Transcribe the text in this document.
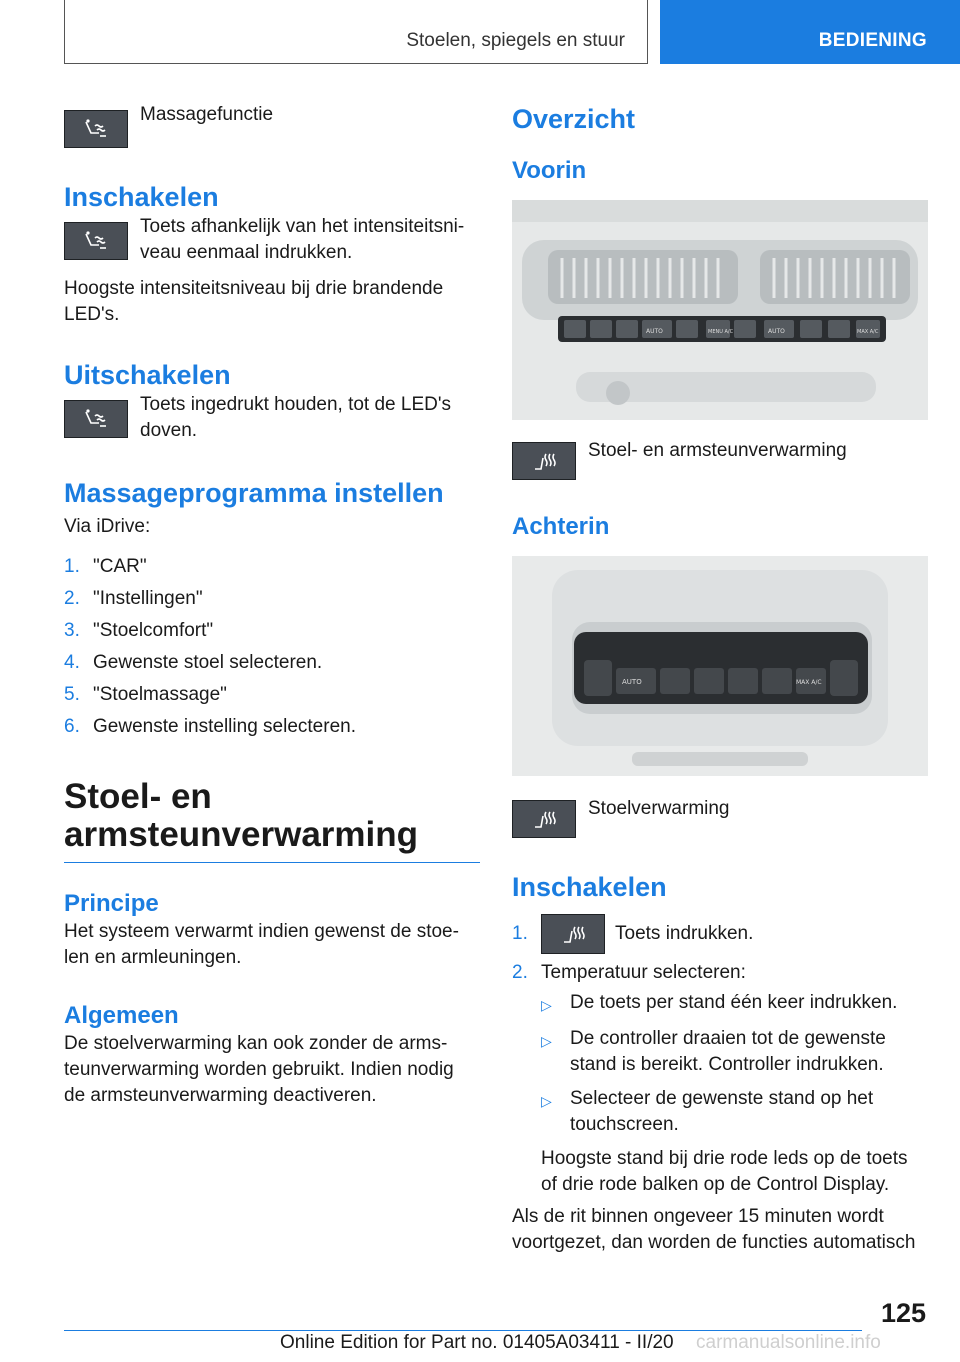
Stoelen, spiegels en stuur	BEDIENING
Massagefunctie
Inschakelen
Toets afhankelijk van het intensiteitsni-veau eenmaal indrukken.

Hoogste intensiteitsniveau bij drie brandende LED's.

Uitschakelen
Toets ingedrukt houden, tot de LED's doven.
Massageprogramma instellen

Via iDrive:

1. "CAR"
2. "Instellingen"
3. "Stoelcomfort"
4. Gewenste stoel selecteren.
5. "Stoelmassage"
6. Gewenste instelling selecteren.
Stoel- en
armsteunverwarming
Principe

Het systeem verwarmt indien gewenst de stoe-len en armleuningen.

Algemeen

De stoelverwarming kan ook zonder de arms-teunverwarming worden gebruikt. Indien nodig de armsteunverwarming deactiveren.

Overzicht
Voorin
AUTO	MENU A/C	AUTO	MAX A/C
Stoel- en armsteunverwarming
Achterin
AUTO	MAX A/C
Stoelverwarming
Inschakelen
1.	Toets indrukken.
2. Temperatuur selecteren:
▷ De toets per stand één keer indrukken.
▷ De controller draaien tot de gewenste stand is bereikt. Controller indrukken.
▷ Selecteer de gewenste stand op het touchscreen.
Hoogste stand bij drie rode leds op de toets of drie rode balken op de Control Display.

Als de rit binnen ongeveer 15 minuten wordt voortgezet, dan worden de functies automatisch

125
Online Edition for Part no. 01405A03411 - II/20 carmanualsonline.info
